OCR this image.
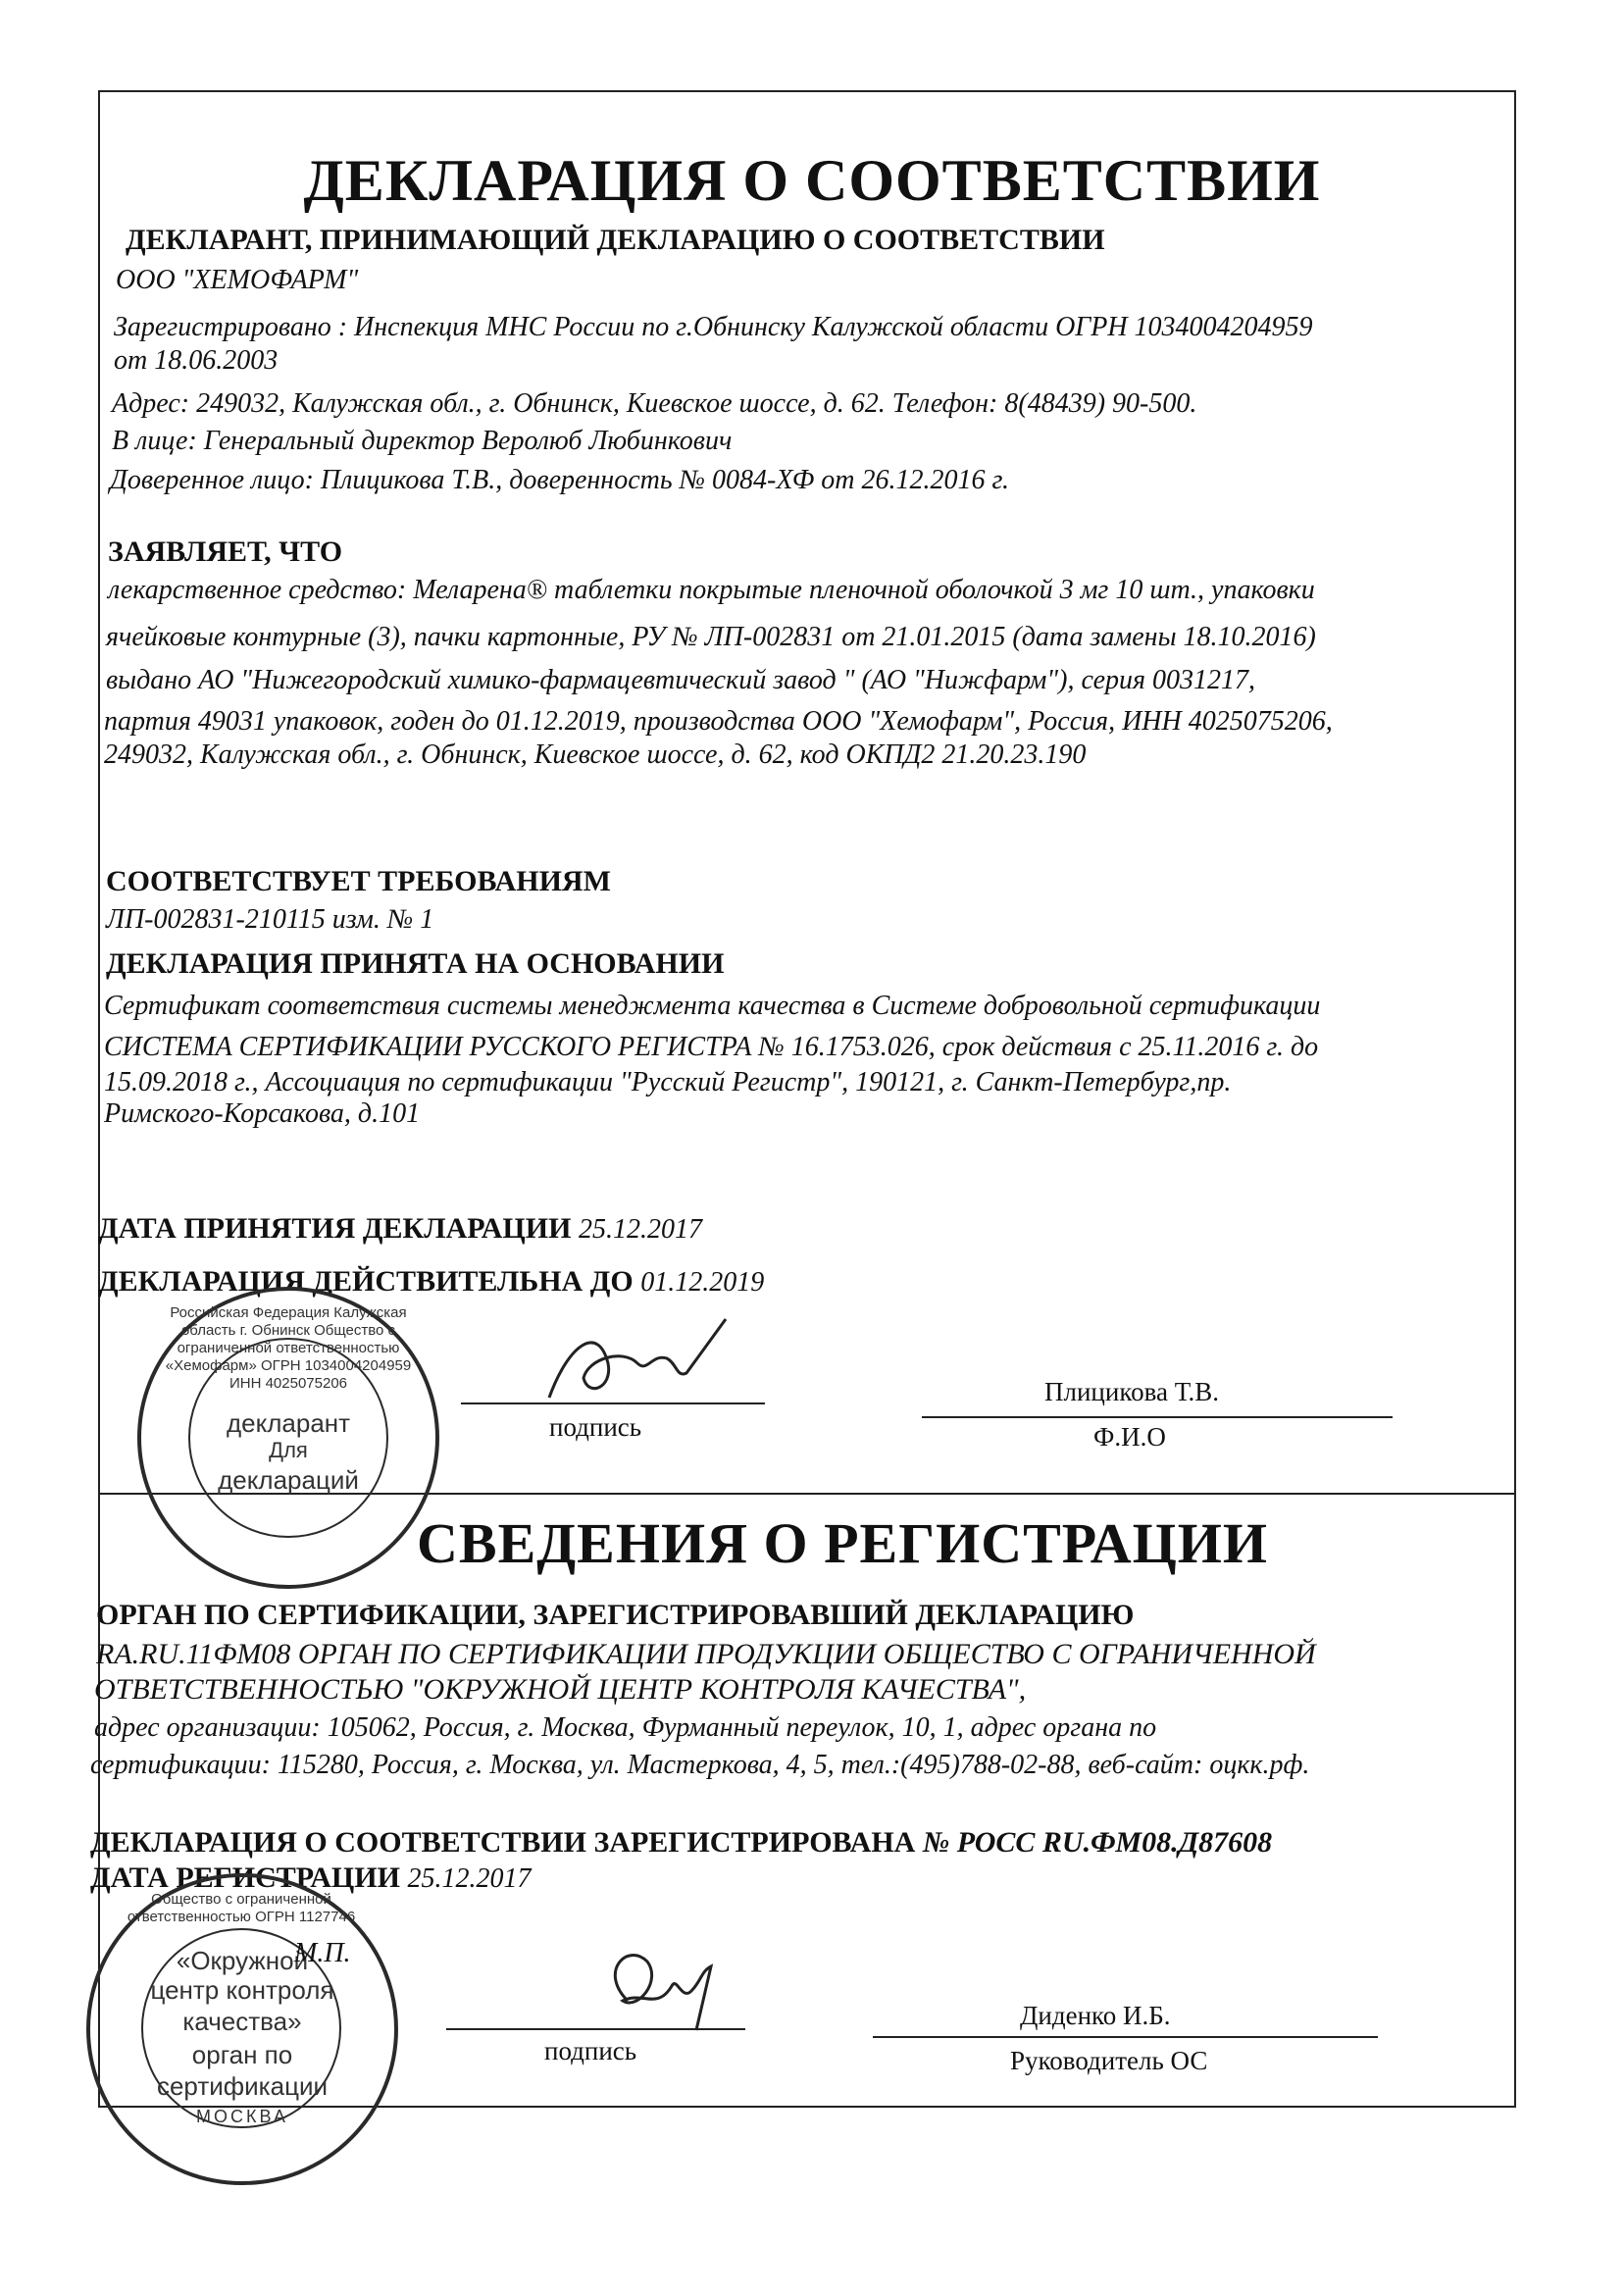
ДЕКЛАРАЦИЯ О СООТВЕТСТВИИ
ДЕКЛАРАНТ, ПРИНИМАЮЩИЙ ДЕКЛАРАЦИЮ О СООТВЕТСТВИИ
ООО "ХЕМОФАРМ"
Зарегистрировано : Инспекция МНС России по г.Обнинску Калужской области ОГРН 1034004204959
от 18.06.2003
Адрес: 249032, Калужская обл., г. Обнинск, Киевское шоссе, д. 62. Телефон: 8(48439) 90-500.
В лице: Генеральный директор Веролюб Любинкович
Доверенное лицо: Плицикова Т.В., доверенность № 0084-ХФ от 26.12.2016 г.
ЗАЯВЛЯЕТ, ЧТО
лекарственное средство: Меларена® таблетки покрытые пленочной оболочкой 3 мг 10 шт., упаковки
ячейковые контурные (3), пачки картонные, РУ № ЛП-002831 от 21.01.2015 (дата замены 18.10.2016)
выдано АО "Нижегородский химико-фармацевтический завод " (АО "Нижфарм"), серия 0031217,
партия 49031 упаковок, годен до 01.12.2019, производства ООО "Хемофарм", Россия, ИНН 4025075206,
249032, Калужская обл., г. Обнинск, Киевское шоссе, д. 62, код ОКПД2 21.20.23.190
СООТВЕТСТВУЕТ ТРЕБОВАНИЯМ
ЛП-002831-210115 изм. № 1
ДЕКЛАРАЦИЯ ПРИНЯТА НА ОСНОВАНИИ
Сертификат соответствия системы менеджмента качества в Системе добровольной сертификации
СИСТЕМА СЕРТИФИКАЦИИ РУССКОГО РЕГИСТРА № 16.1753.026, срок действия с 25.11.2016 г. до
15.09.2018 г., Ассоциация по сертификации "Русский Регистр", 190121, г. Санкт-Петербург,пр.
Римского-Корсакова, д.101
ДАТА ПРИНЯТИЯ ДЕКЛАРАЦИИ 25.12.2017
ДЕКЛАРАЦИЯ ДЕЙСТВИТЕЛЬНА ДО 01.12.2019
подпись
Плицикова Т.В.
Ф.И.О
Российская Федерация Калужская область г. Обнинск Общество с ограниченной ответственностью «Хемофарм» ОГРН 1034004204959 ИНН 4025075206
декларант
Для
деклараций
СВЕДЕНИЯ О РЕГИСТРАЦИИ
ОРГАН ПО СЕРТИФИКАЦИИ, ЗАРЕГИСТРИРОВАВШИЙ ДЕКЛАРАЦИЮ
RA.RU.11ФМ08 ОРГАН ПО СЕРТИФИКАЦИИ ПРОДУКЦИИ ОБЩЕСТВО С ОГРАНИЧЕННОЙ
ОТВЕТСТВЕННОСТЬЮ "ОКРУЖНОЙ ЦЕНТР КОНТРОЛЯ КАЧЕСТВА",
адрес организации: 105062, Россия, г. Москва, Фурманный переулок, 10, 1, адрес органа по
сертификации: 115280, Россия, г. Москва, ул. Мастеркова, 4, 5, тел.:(495)788-02-88, веб-сайт: оцкк.рф.
ДЕКЛАРАЦИЯ О СООТВЕТСТВИИ ЗАРЕГИСТРИРОВАНА № РОСС RU.ФМ08.Д87608
ДАТА РЕГИСТРАЦИИ 25.12.2017
подпись
Диденко И.Б.
Руководитель ОС
Общество с ограниченной ответственностью ОГРН 1127746
«Окружной
центр контроля
качества»
орган по
сертификации
МОСКВА
М.П.
